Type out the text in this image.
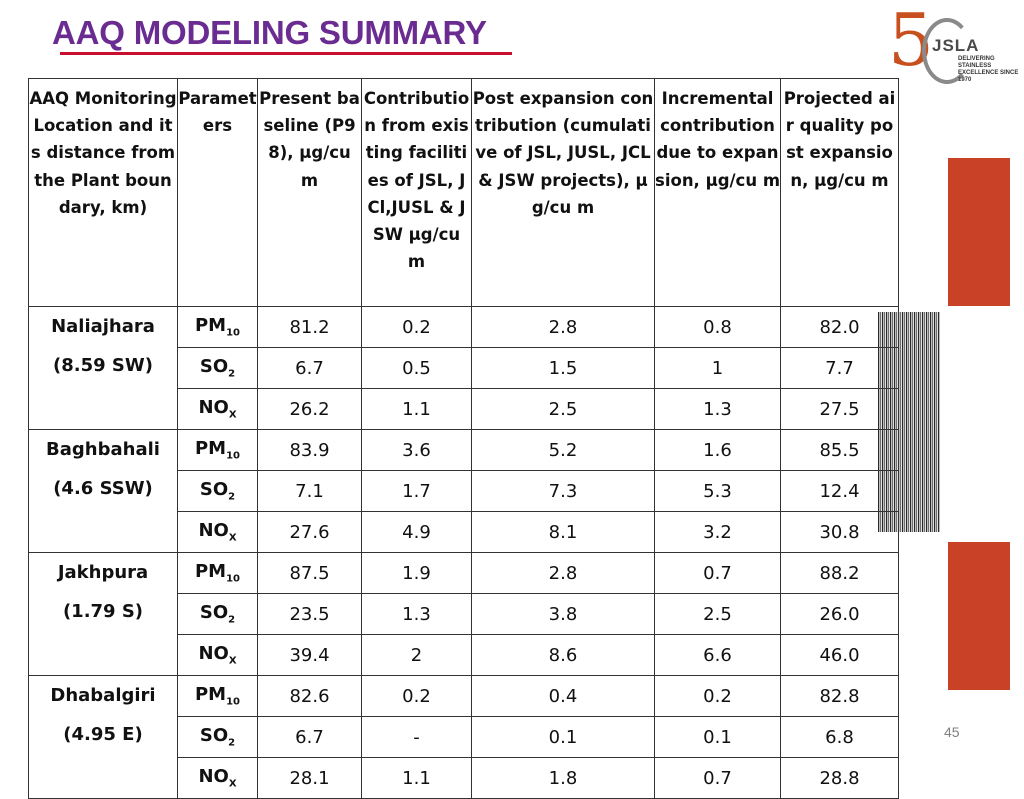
AAQ MODELING SUMMARY	5
JSLA
DELIVERING STAINLESS EXCELLENCE SINCE 1970
AAQ Monitoring Location and its distance from the Plant boundary, km)	Parameters	Present baseline (P98), µg/cu m	Contribution from existing facilities of JSL, JCl,JUSL & JSW µg/cu m	Post expansion contribution (cumulative of JSL, JUSL, JCL & JSW projects), µg/cu m	Incremental contribution due to expansion, µg/cu m	Projected air quality post expansion, µg/cu m

Naliajhara
(8.59 SW)	$PM_{10}$	81.2	0.2	2.8	0.8	82.0
	$SO_2$	6.7	0.5	1.5	1	7.7
	$NO_X$	26.2	1.1	2.5	1.3	27.5

Baghbahali
(4.6 SSW)	$PM_{10}$	83.9	3.6	5.2	1.6	85.5
	$SO_2$	7.1	1.7	7.3	5.3	12.4
	$NO_X$	27.6	4.9	8.1	3.2	30.8

Jakhpura
(1.79 S)	$PM_{10}$	87.5	1.9	2.8	0.7	88.2
	$SO_2$	23.5	1.3	3.8	2.5	26.0
	$NO_X$	39.4	2	8.6	6.6	46.0

Dhabalgiri
(4.95 E)	$PM_{10}$	82.6	0.2	0.4	0.2	82.8
	$SO_2$	6.7	-	0.1	0.1	6.8
	$NO_X$	28.1	1.1	1.8	0.7	28.8
45
